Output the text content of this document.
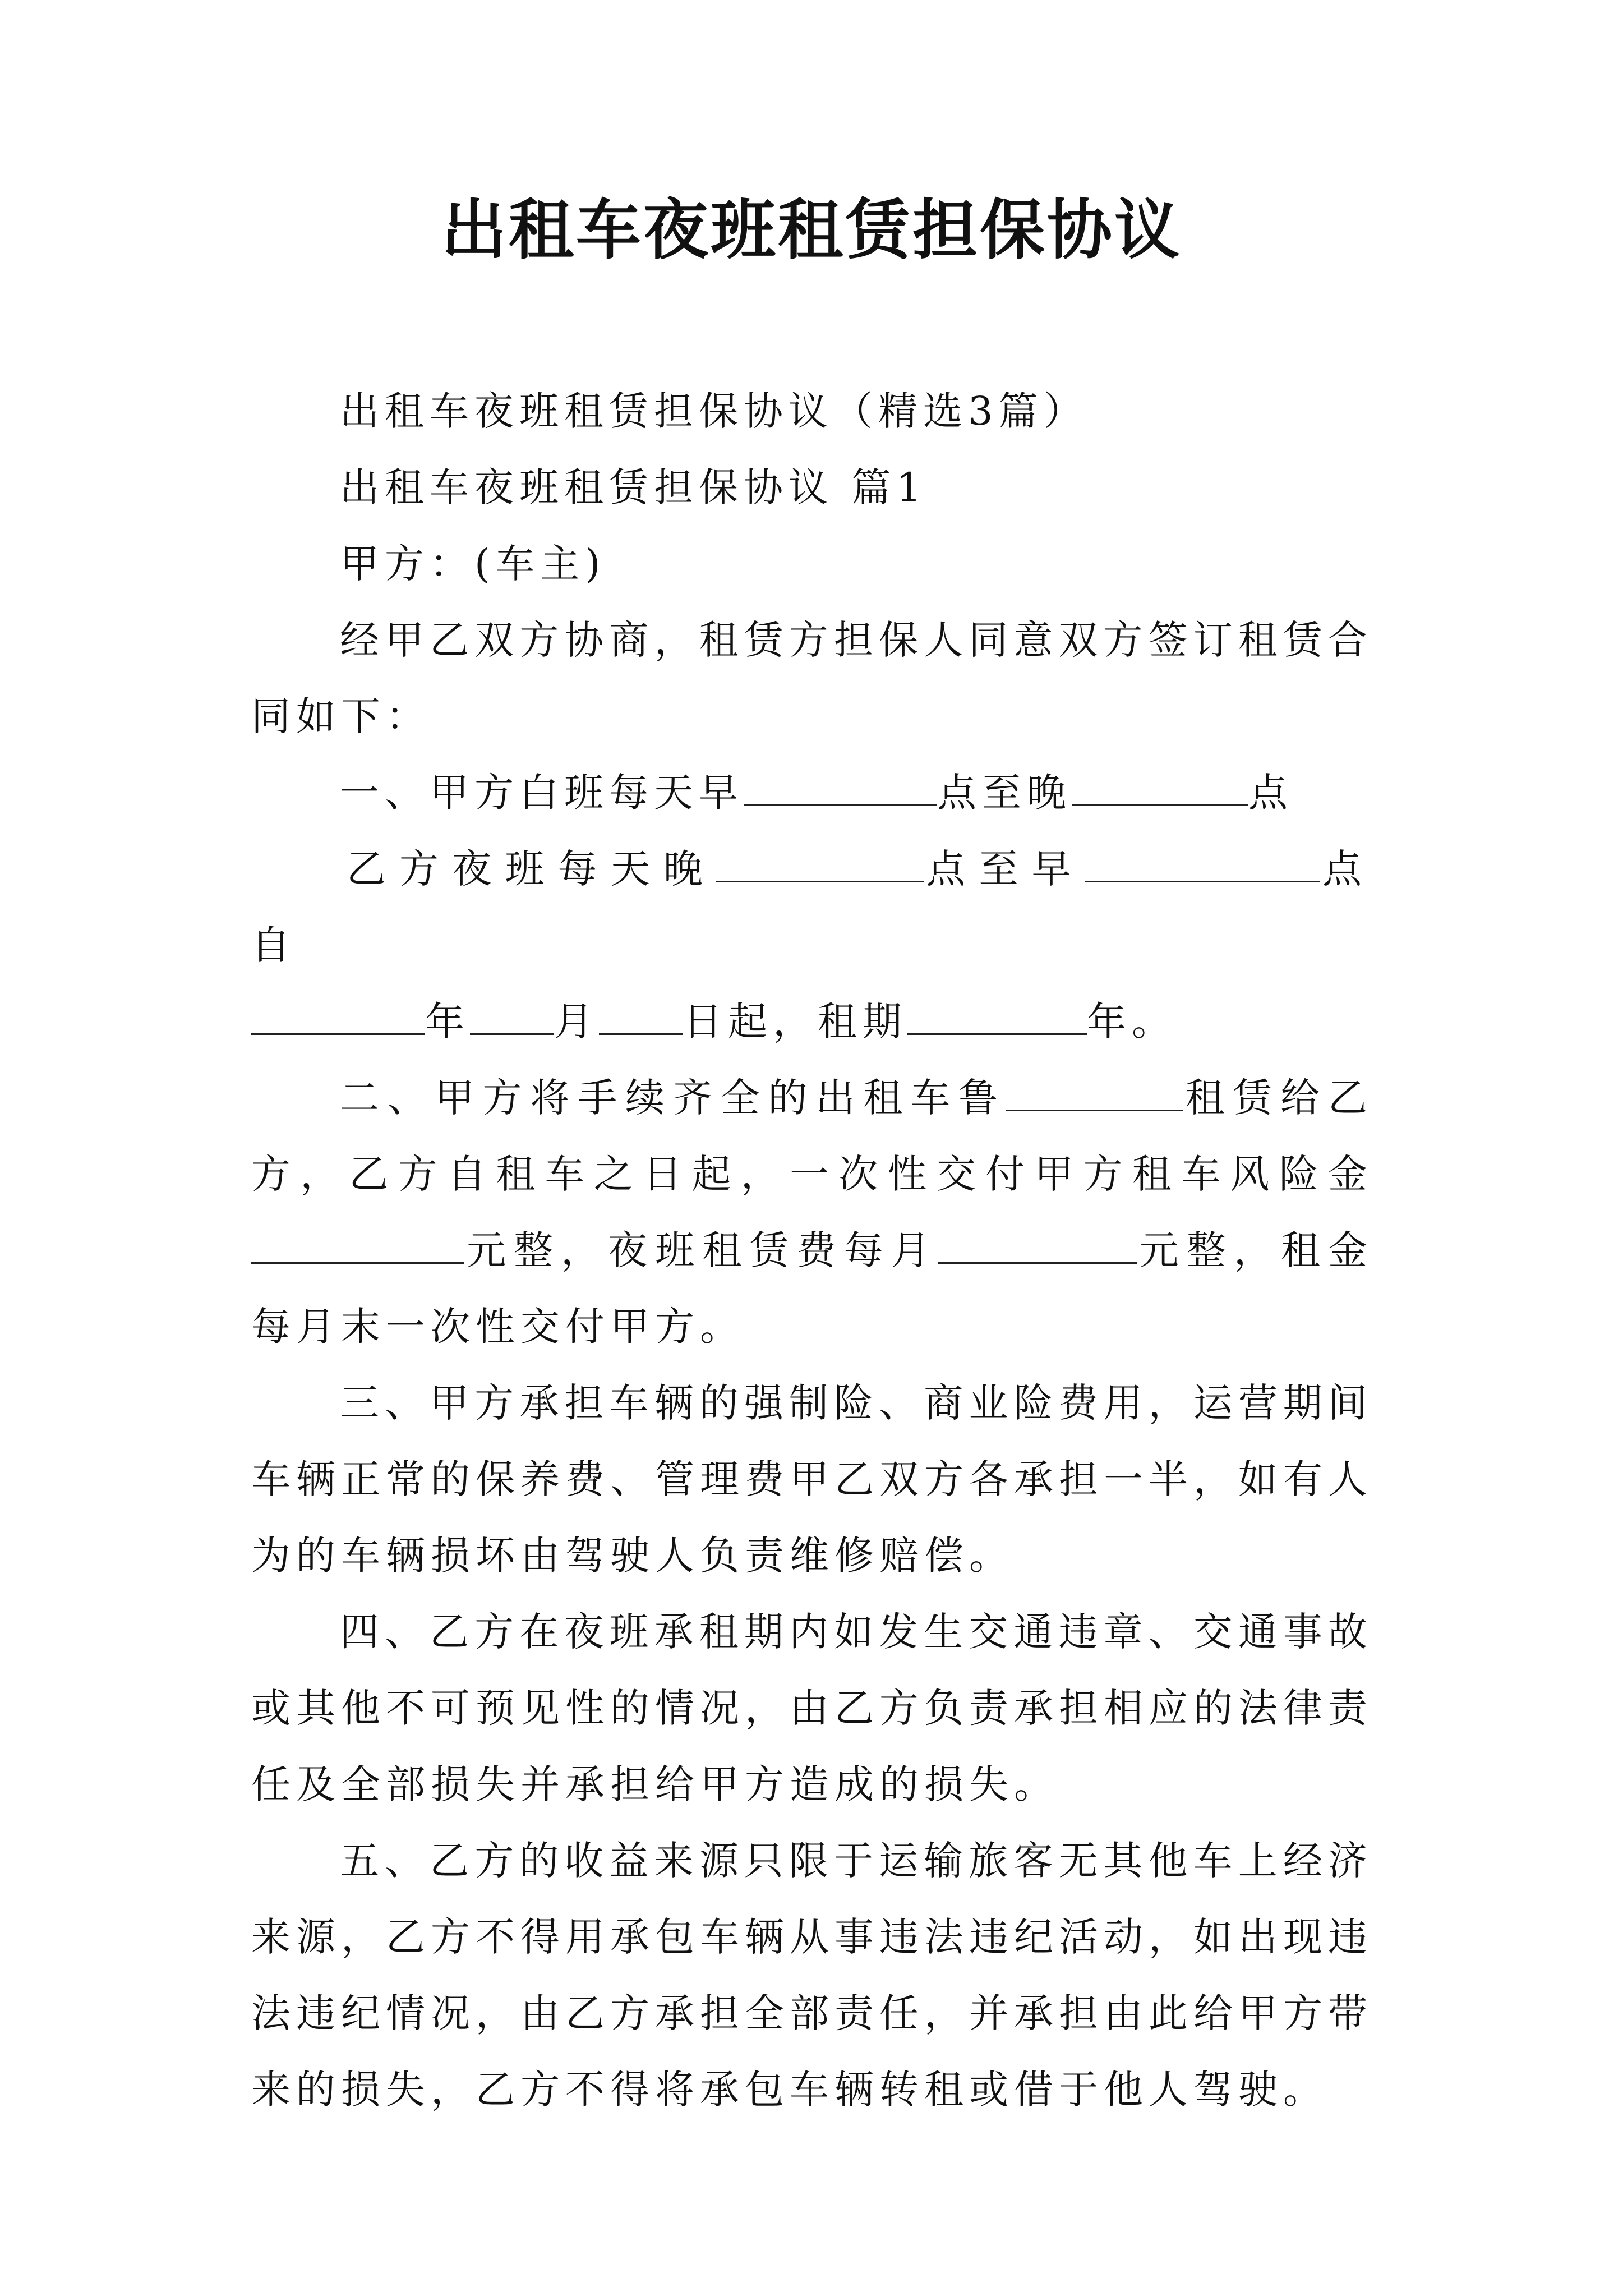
出租车夜班租赁担保协议

出租车夜班租赁担保协议（精选3篇）

出租车夜班租赁担保协议 篇1

甲方：(车主)

经甲乙双方协商，租赁方担保人同意双方签订租赁合同如下：

一、甲方白班每天早	点至晚	点

乙方夜班每天晚	点至早	点自

年 月 日起，租期	年。

二、甲方将手续齐全的出租车鲁	租赁给乙方，乙方自租车之日起，一次性交付甲方租车风险金元整，夜班租赁费每月	元整，租金每月末一次性交付甲方。

三、甲方承担车辆的强制险、商业险费用，运营期间车辆正常的保养费、管理费甲乙双方各承担一半，如有人为的车辆损坏由驾驶人负责维修赔偿。

四、乙方在夜班承租期内如发生交通违章、交通事故或其他不可预见性的情况，由乙方负责承担相应的法律责任及全部损失并承担给甲方造成的损失。

五、乙方的收益来源只限于运输旅客无其他车上经济来源，乙方不得用承包车辆从事违法违纪活动，如出现违法违纪情况，由乙方承担全部责任，并承担由此给甲方带来的损失，乙方不得将承包车辆转租或借于他人驾驶。
